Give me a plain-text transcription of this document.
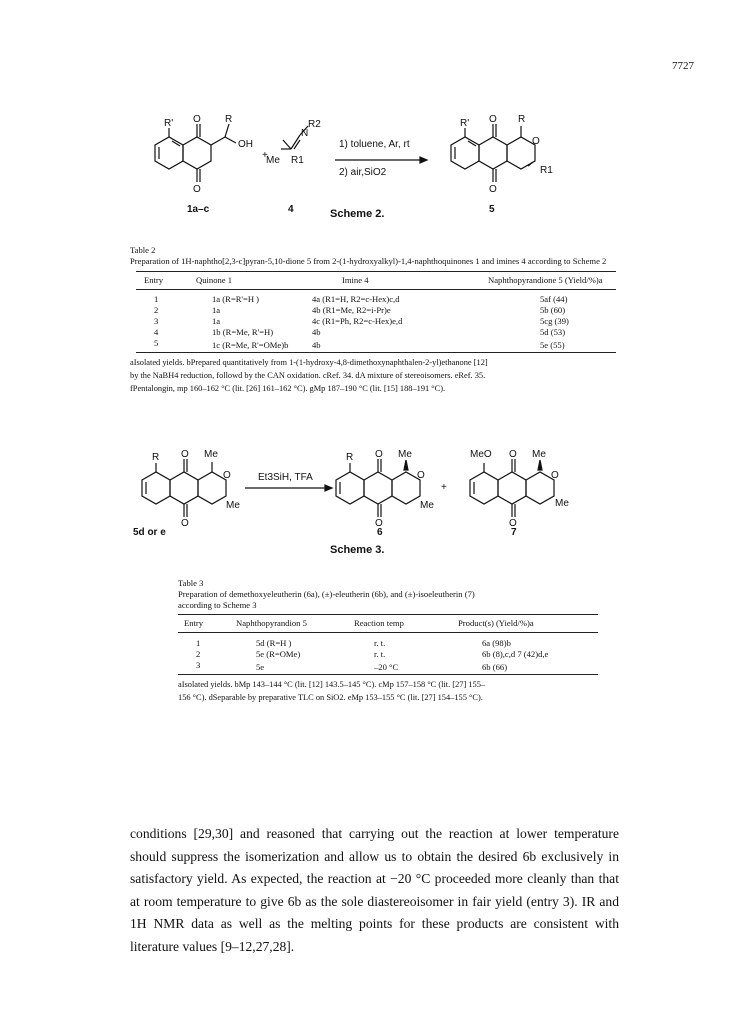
7727
R' O R
OH
O
+
N
R2
Me R1
1) toluene, Ar, rt
2) air,SiO2
R' O R
O
R1
O
1a–c	4	5
Scheme 2.

Table 2

Preparation of 1H-naphtho[2,3-c]pyran-5,10-dione 5 from 2-(1-hydroxyalkyl)-1,4-naphthoquinones 1 and imines 4 according to Scheme 2

Entry	Quinone 1	Imine 4	Naphthopyrandione 5 (Yield/%)a
1	1a (R=R'=H )	4a (R1=H, R2=c-Hex)c,d	5af (44)
2	1a	4b (R1=Me, R2=i-Pr)e	5b (60)
3	1a	4c (R1=Ph, R2=c-Hex)e,d	5cg (39)
4	1b (R=Me, R'=H)	4b	5d (53)
5	1c (R=Me, R'=OMe)b	4b	5e (55)
aIsolated yields. bPrepared quantitatively from 1-(1-hydroxy-4,8-dimethoxynaphthalen-2-yl)ethanone [12]
by the NaBH4 reduction, followd by the CAN oxidation. cRef. 34. dA mixture of stereoisomers. eRef. 35.
fPentalongin, mp 160–162 °C (lit. [26] 161–162 °C). gMp 187–190 °C (lit. [15] 188–191 °C).
R O Me
O
Me
O
Et3SiH, TFA
R O Me
O
Me
O
+
MeO O Me
O
Me
O
5d or e	6	7
Scheme 3.

Table 3

Preparation of demethoxyeleutherin (6a), (±)-eleutherin (6b), and (±)-isoeleutherin (7)

according to Scheme 3

Entry	Naphthopyrandion 5	Reaction temp	Product(s) (Yield/%)a
1	5d (R=H )	r. t.	6a (98)b
2	5e (R=OMe)	r. t.	6b (8),c,d 7 (42)d,e
3	5e	–20 °C	6b (66)
aIsolated yields. bMp 143–144 °C (lit. [12] 143.5–145 °C). cMp 157–158 °C (lit. [27] 155–
156 °C). dSeparable by preparative TLC on SiO2. eMp 153–155 °C (lit. [27] 154–155 °C).
conditions [29,30] and reasoned that carrying out the reaction at lower temperature should suppress the isomerization and allow us to obtain the desired 6b exclusively in satisfactory yield. As expected, the reaction at −20 °C proceeded more cleanly than that at room temperature to give 6b as the sole diastereoisomer in fair yield (entry 3). IR and 1H NMR data as well as the melting points for these products are consistent with literature values [9–12,27,28].
